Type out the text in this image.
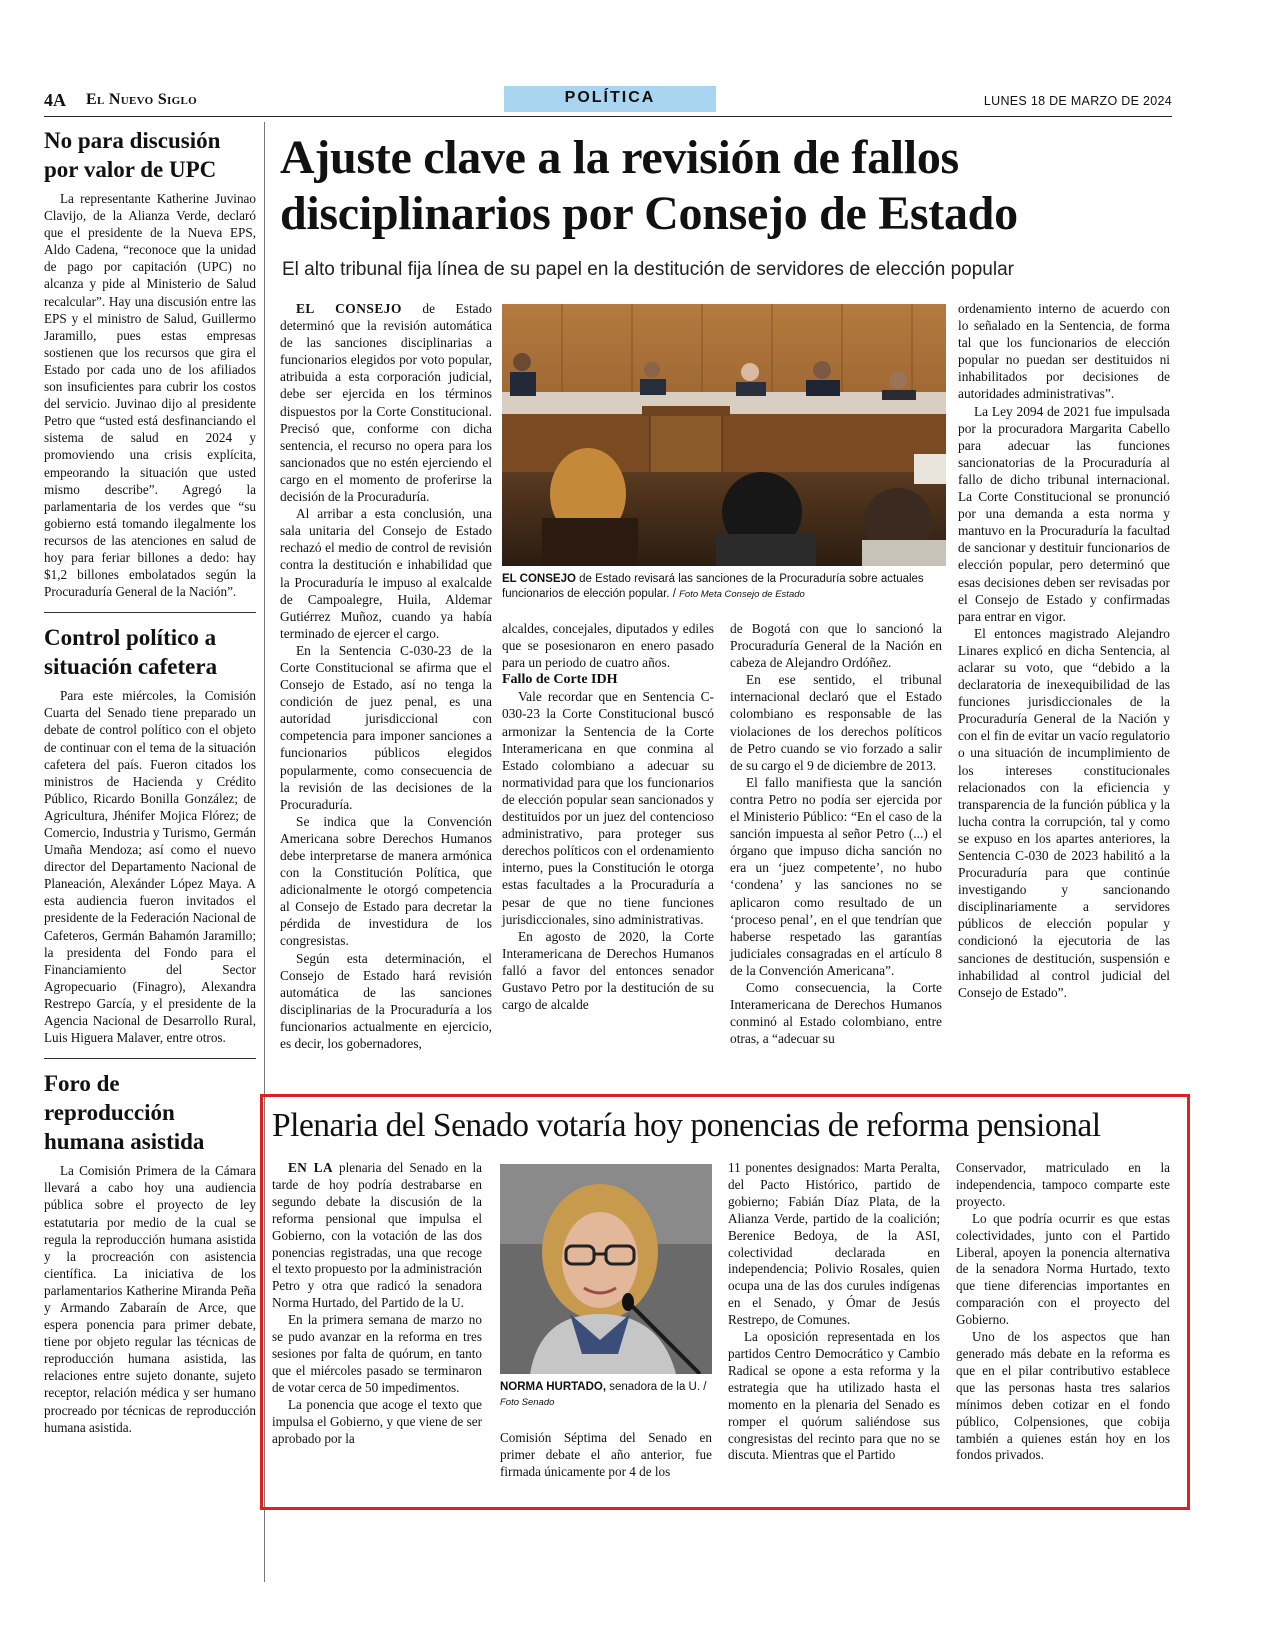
4A El Nuevo Siglo	POLÍTICA	LUNES 18 DE MARZO DE 2024
No para discusión por valor de UPC

La representante Katherine Juvinao Clavijo, de la Alianza Verde, declaró que el presidente de la Nueva EPS, Aldo Cadena, “reconoce que la unidad de pago por capitación (UPC) no alcanza y pide al Ministerio de Salud recalcular”. Hay una discusión entre las EPS y el ministro de Salud, Guillermo Jaramillo, pues estas empresas sostienen que los recursos que gira el Estado por cada uno de los afiliados son insuficientes para cubrir los costos del servicio. Juvinao dijo al presidente Petro que “usted está desfinanciando el sistema de salud en 2024 y promoviendo una crisis explícita, empeorando la situación que usted mismo describe”. Agregó la parlamentaria de los verdes que “su gobierno está tomando ilegalmente los recursos de las atenciones en salud de hoy para feriar billones a dedo: hay $1,2 billones embolatados según la Procuraduría General de la Nación”.

Control político a situación cafetera

Para este miércoles, la Comisión Cuarta del Senado tiene preparado un debate de control político con el objeto de continuar con el tema de la situación cafetera del país. Fueron citados los ministros de Hacienda y Crédito Público, Ricardo Bonilla González; de Agricultura, Jhénifer Mojica Flórez; de Comercio, Industria y Turismo, Germán Umaña Mendoza; así como el nuevo director del Departamento Nacional de Planeación, Alexánder López Maya. A esta audiencia fueron invitados el presidente de la Federación Nacional de Cafeteros, Germán Bahamón Jaramillo; la presidenta del Fondo para el Financiamiento del Sector Agropecuario (Finagro), Alexandra Restrepo García, y el presidente de la Agencia Nacional de Desarrollo Rural, Luis Higuera Malaver, entre otros.

Foro de reproducción humana asistida

La Comisión Primera de la Cámara llevará a cabo hoy una audiencia pública sobre el proyecto de ley estatutaria por medio de la cual se regula la reproducción humana asistida y la procreación con asistencia científica. La iniciativa de los parlamentarios Katherine Miranda Peña y Armando Zabaraín de Arce, que espera ponencia para primer debate, tiene por objeto regular las técnicas de reproducción humana asistida, las relaciones entre sujeto donante, sujeto receptor, relación médica y ser humano procreado por técnicas de reproducción humana asistida.

Ajuste clave a la revisión de fallos disciplinarios por Consejo de Estado
El alto tribunal fija línea de su papel en la destitución de servidores de elección popular

EL CONSEJO de Estado determinó que la revisión automática de las sanciones disciplinarias a funcionarios elegidos por voto popular, atribuida a esta corporación judicial, debe ser ejercida en los términos dispuestos por la Corte Constitucional. Precisó que, conforme con dicha sentencia, el recurso no opera para los sancionados que no estén ejerciendo el cargo en el momento de proferirse la decisión de la Procuraduría.

Al arribar a esta conclusión, una sala unitaria del Consejo de Estado rechazó el medio de control de revisión contra la destitución e inhabilidad que la Procuraduría le impuso al exalcalde de Campoalegre, Huila, Aldemar Gutiérrez Muñoz, cuando ya había terminado de ejercer el cargo.

En la Sentencia C-030-23 de la Corte Constitucional se afirma que el Consejo de Estado, así no tenga la condición de juez penal, es una autoridad jurisdiccional con competencia para imponer sanciones a funcionarios públicos elegidos popularmente, como consecuencia de la revisión de las decisiones de la Procuraduría.

Se indica que la Convención Americana sobre Derechos Humanos debe interpretarse de manera armónica con la Constitución Política, que adicionalmente le otorgó competencia al Consejo de Estado para decretar la pérdida de investidura de los congresistas.

Según esta determinación, el Consejo de Estado hará revisión automática de las sanciones disciplinarias de la Procuraduría a los funcionarios actualmente en ejercicio, es decir, los gobernadores,

EL CONSEJO de Estado revisará las sanciones de la Procuraduría sobre actuales funcionarios de elección popular. / Foto Meta Consejo de Estado

alcaldes, concejales, diputados y ediles que se posesionaron en enero pasado para un periodo de cuatro años.

Fallo de Corte IDH

Vale recordar que en Sentencia C-030-23 la Corte Constitucional buscó armonizar la Sentencia de la Corte Interamericana en que conmina al Estado colombiano a adecuar su normatividad para que los funcionarios de elección popular sean sancionados y destituidos por un juez del contencioso administrativo, para proteger sus derechos políticos con el ordenamiento interno, pues la Constitución le otorga estas facultades a la Procuraduría a pesar de que no tiene funciones jurisdiccionales, sino administrativas.

En agosto de 2020, la Corte Interamericana de Derechos Humanos falló a favor del entonces senador Gustavo Petro por la destitución de su cargo de alcalde

de Bogotá con que lo sancionó la Procuraduría General de la Nación en cabeza de Alejandro Ordóñez.

En ese sentido, el tribunal internacional declaró que el Estado colombiano es responsable de las violaciones de los derechos políticos de Petro cuando se vio forzado a salir de su cargo el 9 de diciembre de 2013.

El fallo manifiesta que la sanción contra Petro no podía ser ejercida por el Ministerio Público: “En el caso de la sanción impuesta al señor Petro (...) el órgano que impuso dicha sanción no era un ‘juez competente’, no hubo ‘condena’ y las sanciones no se aplicaron como resultado de un ‘proceso penal’, en el que tendrían que haberse respetado las garantías judiciales consagradas en el artículo 8 de la Convención Americana”.

Como consecuencia, la Corte Interamericana de Derechos Humanos conminó al Estado colombiano, entre otras, a “adecuar su

ordenamiento interno de acuerdo con lo señalado en la Sentencia, de forma tal que los funcionarios de elección popular no puedan ser destituidos ni inhabilitados por decisiones de autoridades administrativas”.

La Ley 2094 de 2021 fue impulsada por la procuradora Margarita Cabello para adecuar las funciones sancionatorias de la Procuraduría al fallo de dicho tribunal internacional. La Corte Constitucional se pronunció por una demanda a esta norma y mantuvo en la Procuraduría la facultad de sancionar y destituir funcionarios de elección popular, pero determinó que esas decisiones deben ser revisadas por el Consejo de Estado y confirmadas para entrar en vigor.

El entonces magistrado Alejandro Linares explicó en dicha Sentencia, al aclarar su voto, que “debido a la declaratoria de inexequibilidad de las funciones jurisdiccionales de la Procuraduría General de la Nación y con el fin de evitar un vacío regulatorio o una situación de incumplimiento de los intereses constitucionales relacionados con la eficiencia y transparencia de la función pública y la lucha contra la corrupción, tal y como se expuso en los apartes anteriores, la Sentencia C-030 de 2023 habilitó a la Procuraduría para que continúe investigando y sancionando disciplinariamente a servidores públicos de elección popular y condicionó la ejecutoria de las sanciones de destitución, suspensión e inhabilidad al control judicial del Consejo de Estado”.

Plenaria del Senado votaría hoy ponencias de reforma pensional

EN LA plenaria del Senado en la tarde de hoy podría destrabarse en segundo debate la discusión de la reforma pensional que impulsa el Gobierno, con la votación de las dos ponencias registradas, una que recoge el texto propuesto por la administración Petro y otra que radicó la senadora Norma Hurtado, del Partido de la U.

En la primera semana de marzo no se pudo avanzar en la reforma en tres sesiones por falta de quórum, en tanto que el miércoles pasado se terminaron de votar cerca de 50 impedimentos.

La ponencia que acoge el texto que impulsa el Gobierno, y que viene de ser aprobado por la

NORMA HURTADO, senadora de la U. / Foto Senado

Comisión Séptima del Senado en primer debate el año anterior, fue firmada únicamente por 4 de los

11 ponentes designados: Marta Peralta, del Pacto Histórico, partido de gobierno; Fabián Díaz Plata, de la Alianza Verde, partido de la coalición; Berenice Bedoya, de la ASI, colectividad declarada en independencia; Polivio Rosales, quien ocupa una de las dos curules indígenas en el Senado, y Ómar de Jesús Restrepo, de Comunes.

La oposición representada en los partidos Centro Democrático y Cambio Radical se opone a esta reforma y la estrategia que ha utilizado hasta el momento en la plenaria del Senado es romper el quórum saliéndose sus congresistas del recinto para que no se discuta. Mientras que el Partido

Conservador, matriculado en la independencia, tampoco comparte este proyecto.

Lo que podría ocurrir es que estas colectividades, junto con el Partido Liberal, apoyen la ponencia alternativa de la senadora Norma Hurtado, texto que tiene diferencias importantes en comparación con el proyecto del Gobierno.

Uno de los aspectos que han generado más debate en la reforma es que en el pilar contributivo establece que las personas hasta tres salarios mínimos deben cotizar en el fondo público, Colpensiones, que cobija también a quienes están hoy en los fondos privados.
